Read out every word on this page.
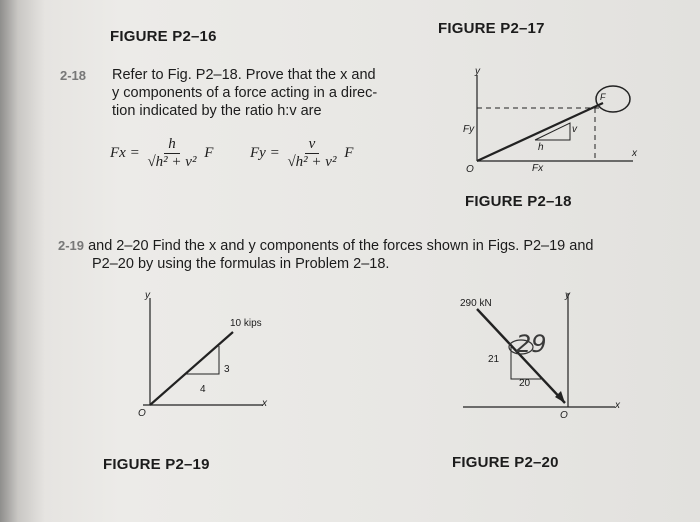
FIGURE P2–16	FIGURE P2–17
2-18 Refer to Fig. P2–18. Prove that the x and
y components of a force acting in a direc-
tion indicated by the ratio h:v are
$Fx = \frac{h}{\text{√h² + v²}}$ F $Fy = \frac{v}{\text{√h² + v²}}$ F
y
x
O
F
Fy
Fx
h
v
FIGURE P2–18
2-19 and 2–20 Find the x and y components of the forces shown in Figs. P2–19 and
P2–20 by using the formulas in Problem 2–18.
y
x
O
10 kips
4
3
FIGURE P2–19
290 kN
y
x
O
21
20
29
FIGURE P2–20
